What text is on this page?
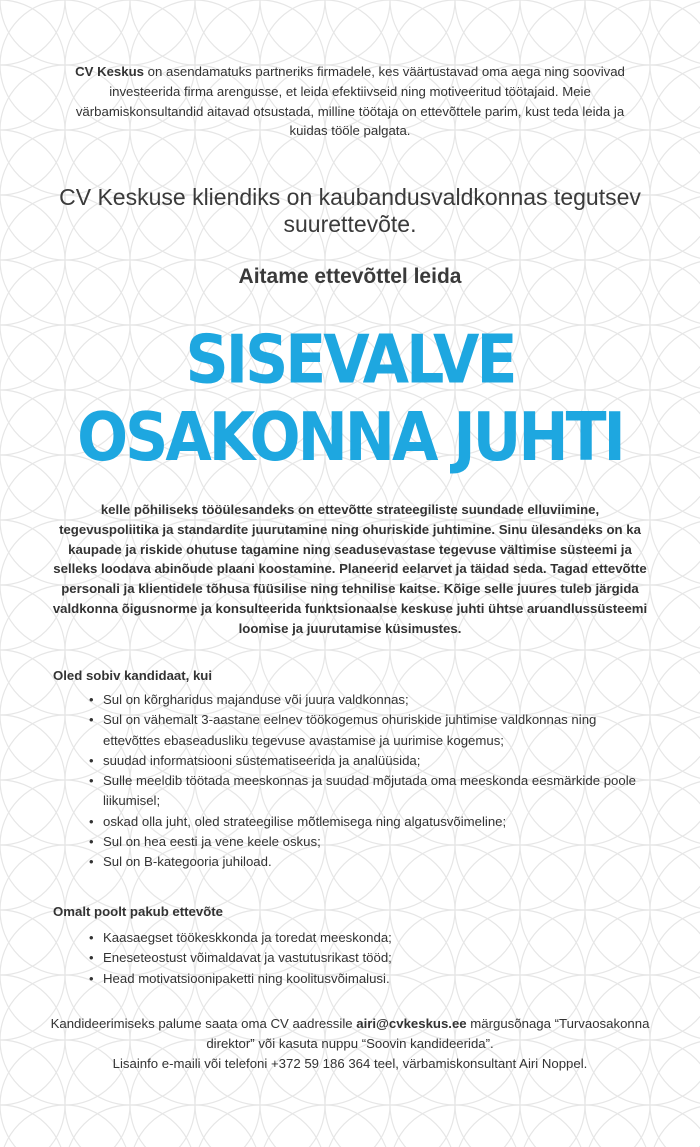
CV Keskus on asendamatuks partneriks firmadele, kes väärtustavad oma aega ning soovivad investeerida firma arengusse, et leida efektiivseid ning motiveeritud töötajaid. Meie värbamiskonsultandid aitavad otsustada, milline töötaja on ettevõttele parim, kust teda leida ja kuidas tööle palgata.
CV Keskuse kliendiks on kaubandusvaldkonnas tegutsev suurettevõte.
Aitame ettevõttel leida
SISEVALVE
OSAKONNA JUHTI
kelle põhiliseks tööülesandeks on ettevõtte strateegiliste suundade elluviimine, tegevuspoliitika ja standardite juurutamine ning ohuriskide juhtimine. Sinu ülesandeks on ka kaupade ja riskide ohutuse tagamine ning seadusevastase tegevuse vältimise süsteemi ja selleks loodava abinõude plaani koostamine. Planeerid eelarvet ja täidad seda. Tagad ettevõtte personali ja klientidele tõhusa füüsilise ning tehnilise kaitse. Kõige selle juures tuleb järgida valdkonna õigusnorme ja konsulteerida funktsionaalse keskuse juhti ühtse aruandlussüsteemi loomise ja juurutamise küsimustes.
Oled sobiv kandidaat, kui
• Sul on kõrgharidus majanduse või juura valdkonnas;
• Sul on vähemalt 3-aastane eelnev töökogemus ohuriskide juhtimise valdkonnas ning ettevõttes ebaseadusliku tegevuse avastamise ja uurimise kogemus;
• suudad informatsiooni süstematiseerida ja analüüsida;
• Sulle meeldib töötada meeskonnas ja suudad mõjutada oma meeskonda eesmärkide poole liikumisel;
• oskad olla juht, oled strateegilise mõtlemisega ning algatusvõimeline;
• Sul on hea eesti ja vene keele oskus;
• Sul on B-kategooria juhiload.
Omalt poolt pakub ettevõte
• Kaasaegset töökeskkonda ja toredat meeskonda;
• Eneseteostust võimaldavat ja vastutusrikast tööd;
• Head motivatsioonipaketti ning koolitusvõimalusi.
Kandideerimiseks palume saata oma CV aadressile airi@cvkeskus.ee märgusõnaga “Turvaosakonna direktor” või kasuta nuppu “Soovin kandideerida”.
Lisainfo e-maili või telefoni +372 59 186 364 teel, värbamiskonsultant Airi Noppel.
